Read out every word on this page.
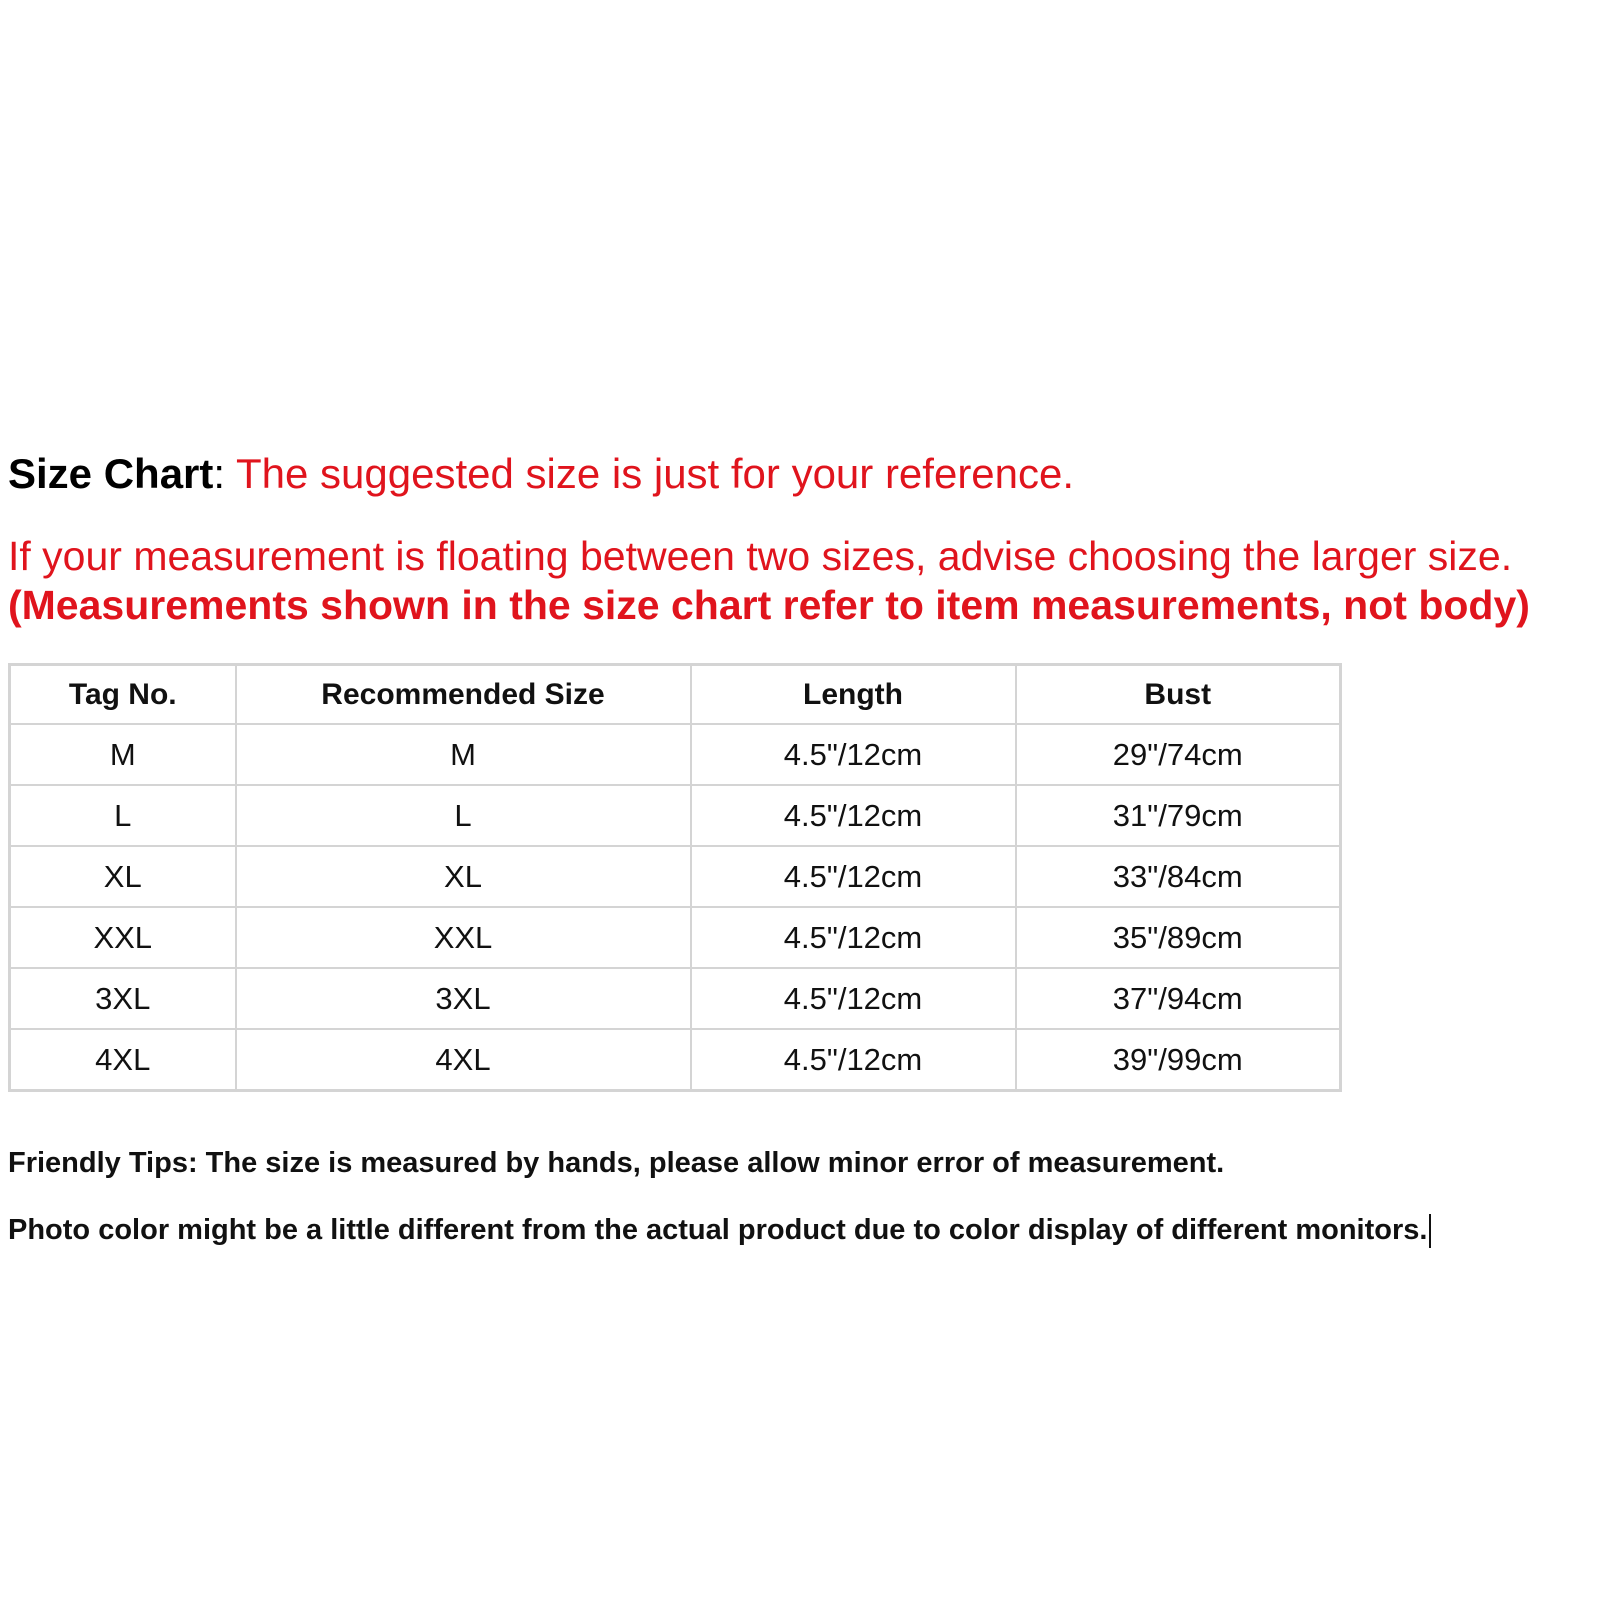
Size Chart: The suggested size is just for your reference.
If your measurement is floating between two sizes, advise choosing the larger size.
(Measurements shown in the size chart refer to item measurements, not body)
Tag No.	Recommended Size	Length	Bust
M	M	4.5"/12cm	29"/74cm
L	L	4.5"/12cm	31"/79cm
XL	XL	4.5"/12cm	33"/84cm
XXL	XXL	4.5"/12cm	35"/89cm
3XL	3XL	4.5"/12cm	37"/94cm
4XL	4XL	4.5"/12cm	39"/99cm
Friendly Tips: The size is measured by hands, please allow minor error of measurement.
Photo color might be a little different from the actual product due to color display of different monitors.
